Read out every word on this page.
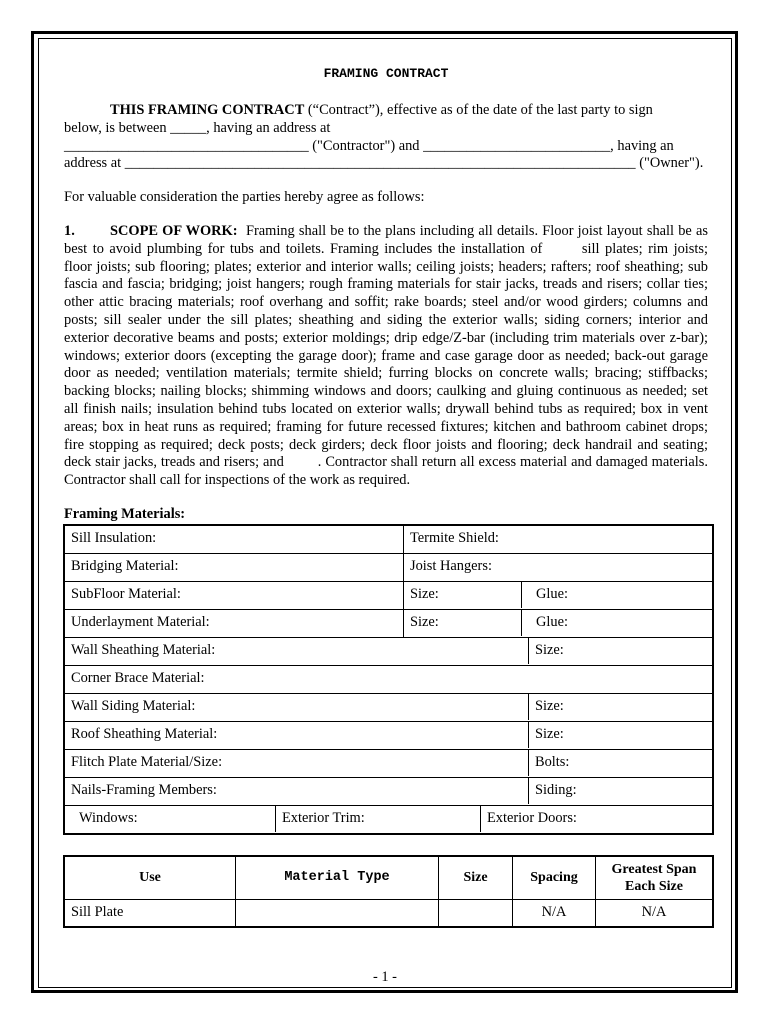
FRAMING CONTRACT

THIS FRAMING CONTRACT (“Contract”), effective as of the date of the last party to sign
below, is between _____, having an address at
__________________________________ ("Contractor") and __________________________, having an
address at _______________________________________________________________________ ("Owner").

For valuable consideration the parties hereby agree as follows:

1. SCOPE OF WORK: Framing shall be to the plans including all details. Floor joist layout shall be as best to avoid plumbing for tubs and toilets. Framing includes the installation of	sill plates; rim joists; floor joists; sub flooring; plates; exterior and interior walls; ceiling joists; headers; rafters; roof sheathing; sub fascia and fascia; bridging; joist hangers; rough framing materials for stair jacks, treads and risers; collar ties; other attic bracing materials; roof overhang and soffit; rake boards; steel and/or wood girders; columns and posts; sill sealer under the sill plates; sheathing and siding the exterior walls; siding corners; interior and exterior decorative beams and posts; exterior moldings; drip edge/Z-bar (including trim materials over z-bar); windows; exterior doors (excepting the garage door); frame and case garage door as needed; back-out garage door as needed; ventilation materials; termite shield; furring blocks on concrete walls; bracing; stiffbacks; backing blocks; nailing blocks; shimming windows and doors; caulking and gluing continuous as needed; set all finish nails; insulation behind tubs located on exterior walls; drywall behind tubs as required; box in vent areas; box in heat runs as required; framing for future recessed fixtures; kitchen and bathroom cabinet drops; fire stopping as required; deck posts; deck girders; deck floor joists and flooring; deck handrail and seating; deck stair jacks, treads and risers; and . Contractor shall return all excess material and damaged materials. Contractor shall call for inspections of the work as required.

Framing Materials:

Sill Insulation:	Termite Shield:
Bridging Material:	Joist Hangers:
SubFloor Material:		Size:	Glue:

Underlayment Material:		Size:	Glue:

Wall Sheathing Material:	Size:

Corner Brace Material:

Wall Siding Material:	Size:

Roof Sheathing Material:	Size:

Flitch Plate Material/Size:	Bolts:

Nails-Framing Members:	Siding:

Windows:	Exterior Trim:	Exterior Doors:
Use	Material Type	Size	Spacing	Greatest Span
Each Size
Sill Plate			N/A	N/A
- 1 -
